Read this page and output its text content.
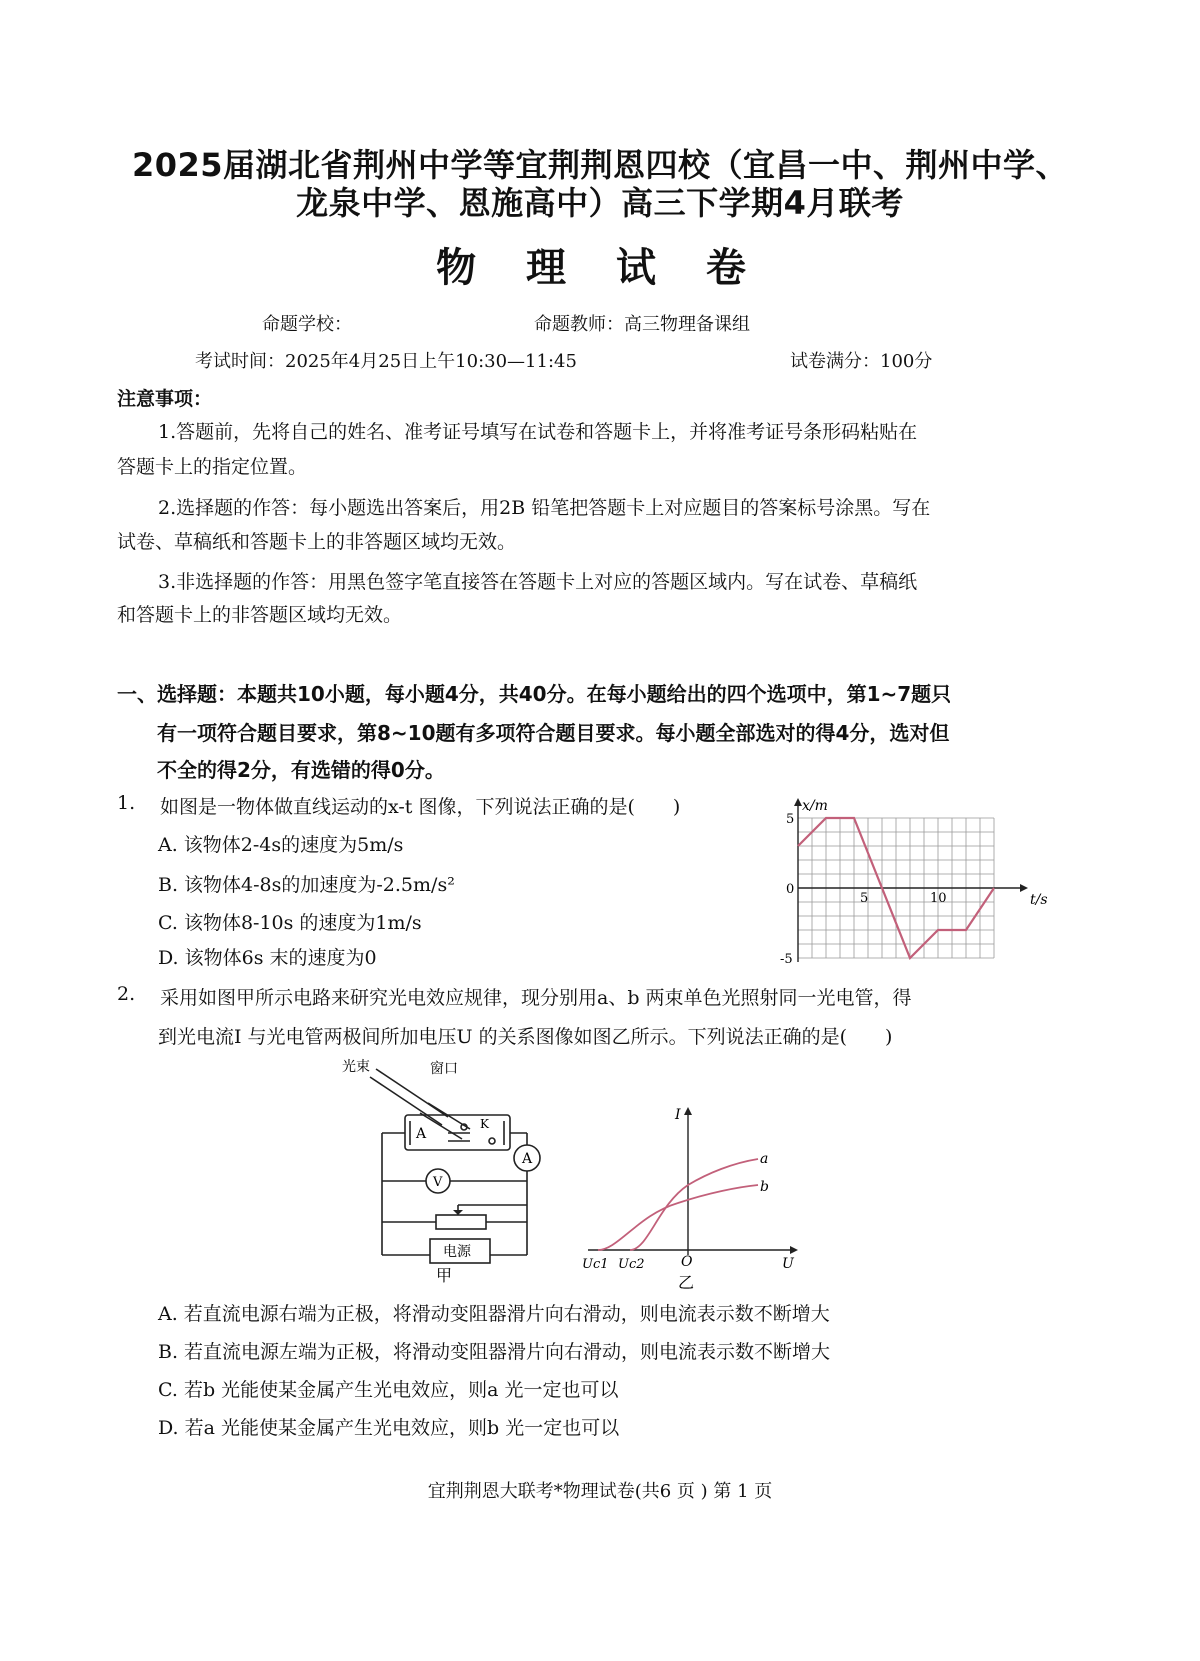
2025届湖北省荆州中学等宜荆荆恩四校（宜昌一中、荆州中学、
龙泉中学、恩施高中）高三下学期4月联考
物 理 试 卷
命题学校：	命题教师：高三物理备课组
考试时间：2025年4月25日上午10:30—11:45	试卷满分：100分
注意事项：
1.答题前，先将自己的姓名、准考证号填写在试卷和答题卡上，并将准考证号条形码粘贴在
答题卡上的指定位置。
2.选择题的作答：每小题选出答案后，用2B 铅笔把答题卡上对应题目的答案标号涂黑。写在
试卷、草稿纸和答题卡上的非答题区域均无效。
3.非选择题的作答：用黑色签字笔直接答在答题卡上对应的答题区域内。写在试卷、草稿纸
和答题卡上的非答题区域均无效。
一、选择题：本题共10小题，每小题4分，共40分。在每小题给出的四个选项中，第1~7题只
有一项符合题目要求，第8~10题有多项符合题目要求。每小题全部选对的得4分，选对但
不全的得2分，有选错的得0分。
1. 如图是一物体做直线运动的x-t 图像，下列说法正确的是(　　)
A. 该物体2-4s的速度为5m/s
B. 该物体4-8s的加速度为-2.5m/s²
C. 该物体8-10s 的速度为1m/s
D. 该物体6s 末的速度为0
x/m
t/s
5	10
5
0
-5
2. 采用如图甲所示电路来研究光电效应规律，现分别用a、b 两束单色光照射同一光电管，得
到光电流I 与光电管两极间所加电压U 的关系图像如图乙所示。下列说法正确的是(　　)
光束	窗口
A
K
A
V
电源
甲
I
U
O
Uc1 Uc2
a
b
乙
A. 若直流电源右端为正极，将滑动变阻器滑片向右滑动，则电流表示数不断增大
B. 若直流电源左端为正极，将滑动变阻器滑片向右滑动，则电流表示数不断增大
C. 若b 光能使某金属产生光电效应，则a 光一定也可以
D. 若a 光能使某金属产生光电效应，则b 光一定也可以
宜荆荆恩大联考*物理试卷(共6 页 ) 第 1 页
